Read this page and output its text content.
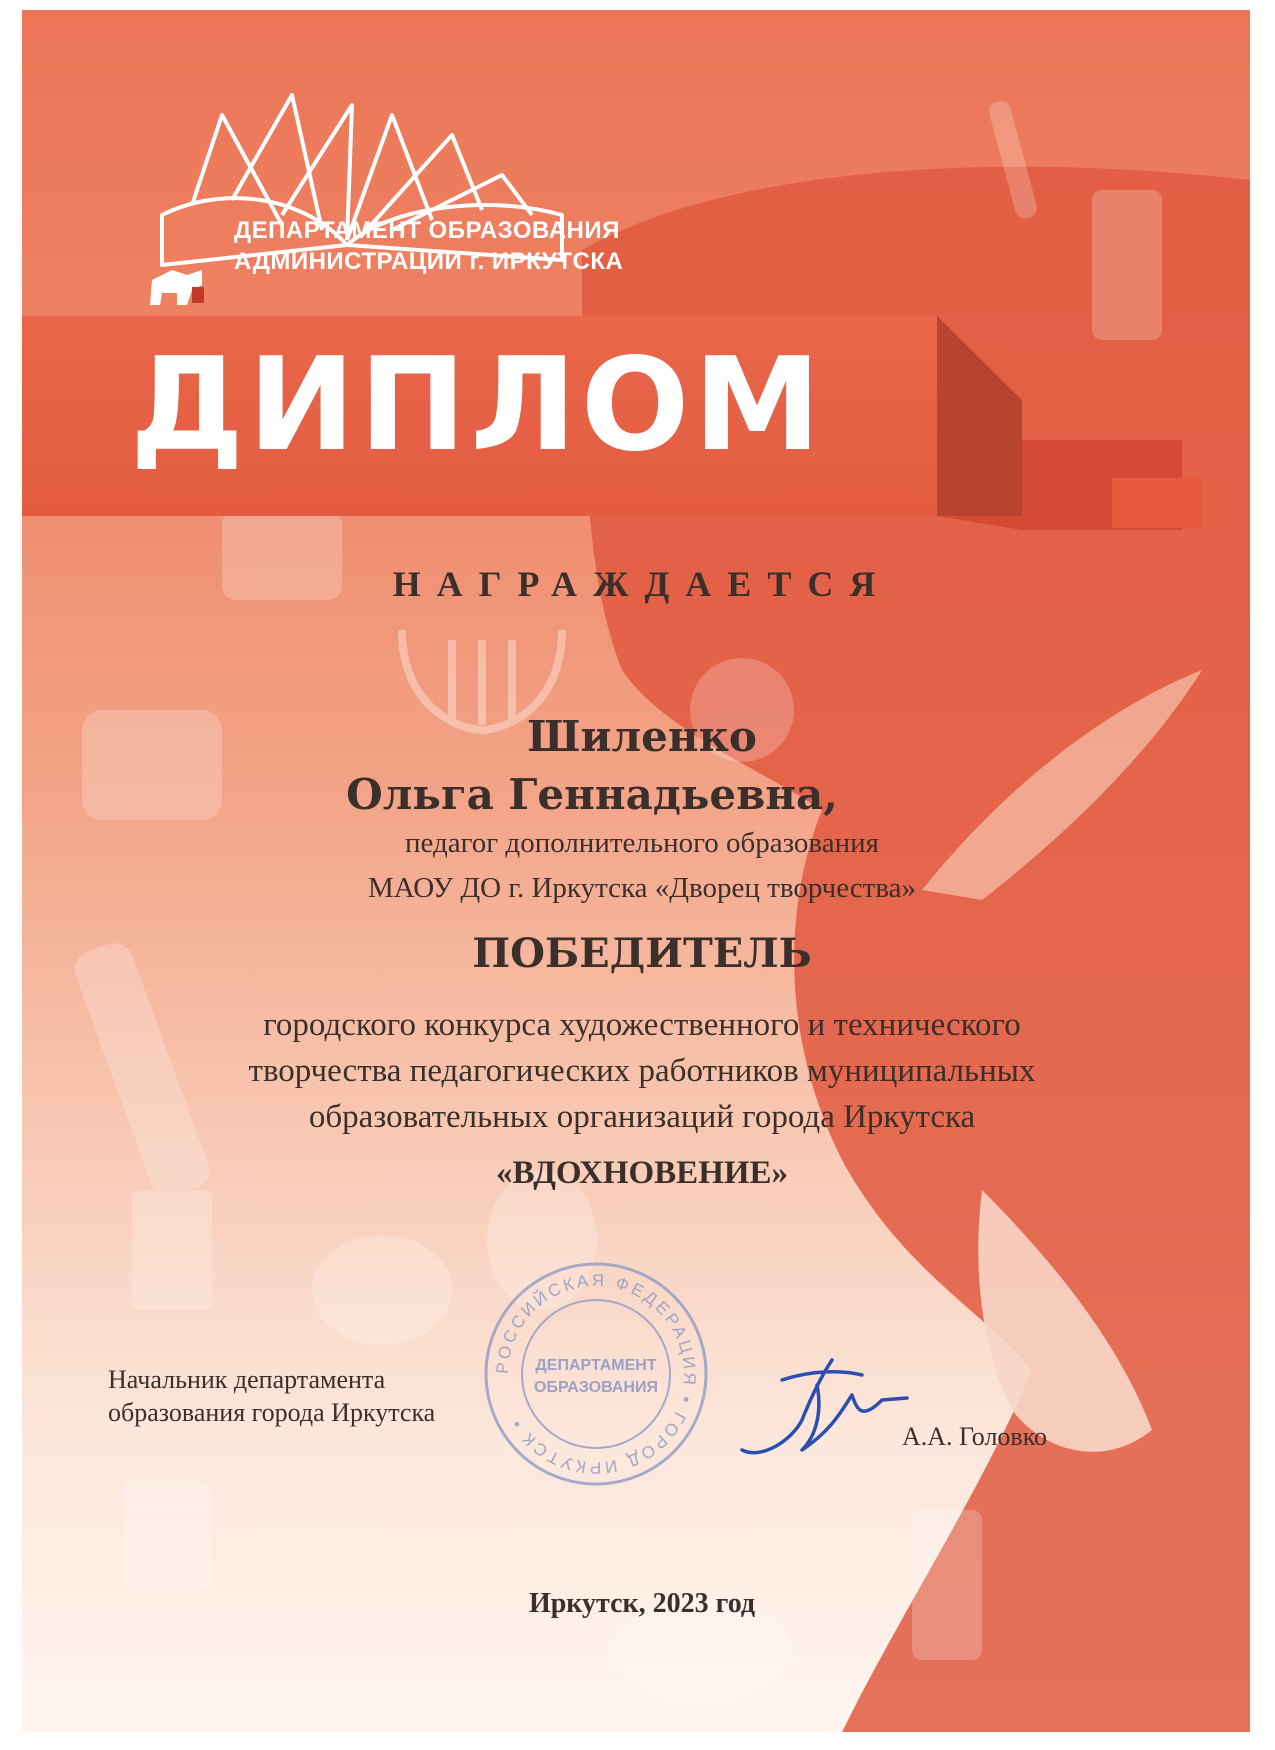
ДЕПАРТАМЕНТ ОБРАЗОВАНИЯ
АДМИНИСТРАЦИИ г. ИРКУТСКА
ДИПЛОМ
НАГРАЖДАЕТСЯ
Шиленко
Ольга Геннадьевна,
педагог дополнительного образования
МАОУ ДО г. Иркутска «Дворец творчества»
ПОБЕДИТЕЛЬ
городского конкурса художественного и технического
творчества педагогических работников муниципальных
образовательных организаций города Иркутска
«ВДОХНОВЕНИЕ»
Начальник департамента
образования города Иркутска
РОССИЙСКАЯ ФЕДЕРАЦИЯ • ГОРОД ИРКУТСК •
ДЕПАРТАМЕНТ
ОБРАЗОВАНИЯ
А.А. Головко
Иркутск, 2023 год
